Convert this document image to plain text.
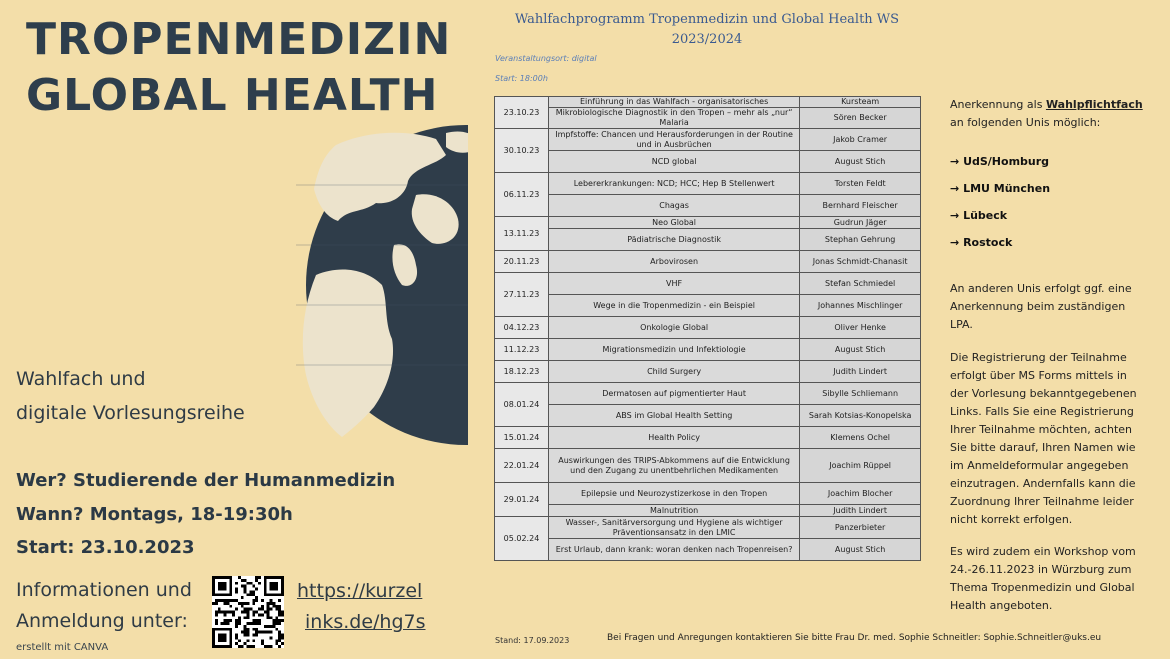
TROPENMEDIZIN
GLOBAL HEALTH
Wahlfach und
digitale Vorlesungsreihe
Wer? Studierende der Humanmedizin
Wann? Montags, 18-19:30h
Start: 23.10.2023
Informationen und
Anmeldung unter:
erstellt mit CANVA
https://kurzel
inks.de/hg7s
Wahlfachprogramm Tropenmedizin und Global Health WS
2023/2024
Veranstaltungsort: digital
Start: 18:00h
23.10.23	Einführung in das Wahlfach - organisatorisches	Kursteam
	Mikrobiologische Diagnostik in den Tropen – mehr als „nur“ Malaria	Sören Becker
30.10.23	Impfstoffe: Chancen und Herausforderungen in der Routine und in Ausbrüchen	Jakob Cramer
	NCD global	August Stich
06.11.23	Lebererkrankungen: NCD; HCC; Hep B Stellenwert	Torsten Feldt
	Chagas	Bernhard Fleischer
13.11.23	Neo Global	Gudrun Jäger
	Pädiatrische Diagnostik	Stephan Gehrung
20.11.23	Arbovirosen	Jonas Schmidt-Chanasit
27.11.23	VHF	Stefan Schmiedel
	Wege in die Tropenmedizin - ein Beispiel	Johannes Mischlinger
04.12.23	Onkologie Global	Oliver Henke
11.12.23	Migrationsmedizin und Infektiologie	August Stich
18.12.23	Child Surgery	Judith Lindert
08.01.24	Dermatosen auf pigmentierter Haut	Sibylle Schliemann
	ABS im Global Health Setting	Sarah Kotsias-Konopelska
15.01.24	Health Policy	Klemens Ochel
22.01.24	Auswirkungen des TRIPS-Abkommens auf die Entwicklung und den Zugang zu unentbehrlichen Medikamenten	Joachim Rüppel
29.01.24	Epilepsie und Neurozystizerkose in den Tropen	Joachim Blocher
	Malnutrition	Judith Lindert
05.02.24	Wasser-, Sanitärversorgung und Hygiene als wichtiger Präventionsansatz in den LMIC	Panzerbieter
	Erst Urlaub, dann krank: woran denken nach Tropenreisen?	August Stich
Stand: 17.09.2023	Bei Fragen und Anregungen kontaktieren Sie bitte Frau Dr. med. Sophie Schneitler: Sophie.Schneitler@uks.eu
Anerkennung als Wahlpflichtfach
an folgenden Unis möglich:
→ UdS/Homburg
→ LMU München
→ Lübeck
→ Rostock
An anderen Unis erfolgt ggf. eine
Anerkennung beim zuständigen
LPA.
Die Registrierung der Teilnahme
erfolgt über MS Forms mittels in
der Vorlesung bekanntgegebenen
Links. Falls Sie eine Registrierung
Ihrer Teilnahme möchten, achten
Sie bitte darauf, Ihren Namen wie
im Anmeldeformular angegeben
einzutragen. Andernfalls kann die
Zuordnung Ihrer Teilnahme leider
nicht korrekt erfolgen.
Es wird zudem ein Workshop vom
24.-26.11.2023 in Würzburg zum
Thema Tropenmedizin und Global
Health angeboten.
